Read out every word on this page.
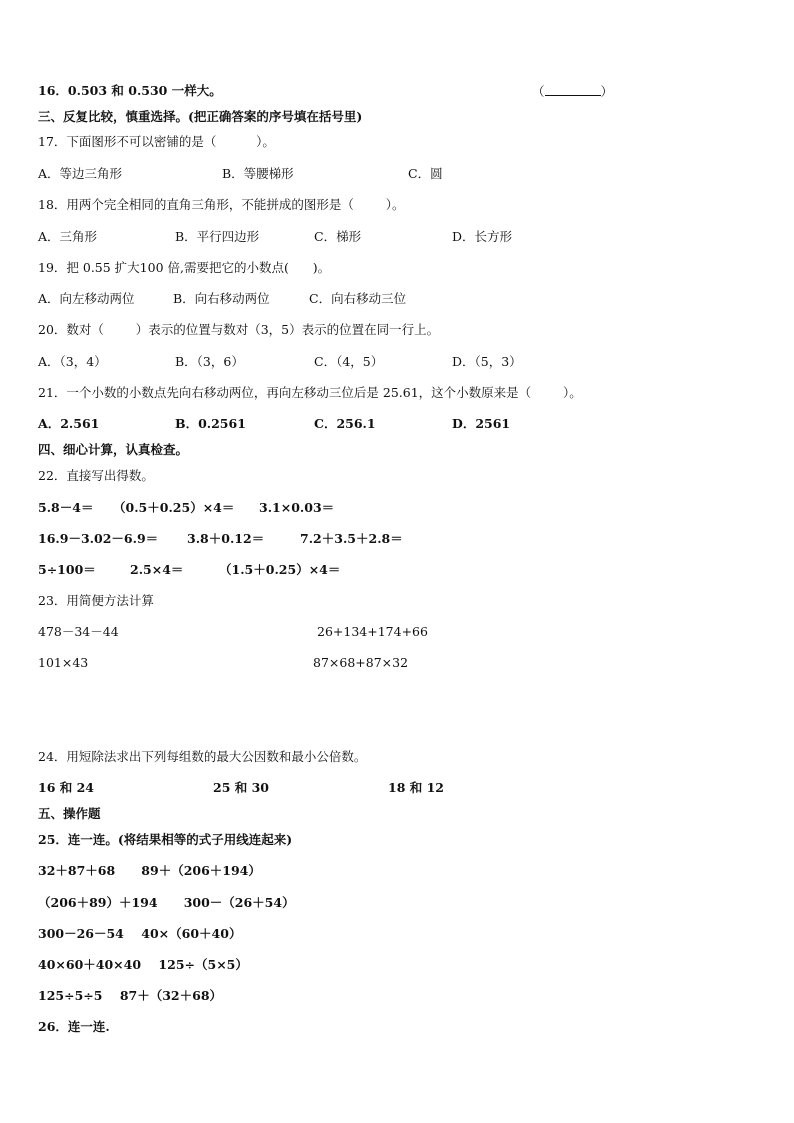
16．0.503 和 0.530 一样大。	（	）
三、反复比较，慎重选择。(把正确答案的序号填在括号里)
17．下面图形不可以密铺的是（          ）。
A．等边三角形	B．等腰梯形	C．圆
18．用两个完全相同的直角三角形，不能拼成的图形是（        ）。
A．三角形	B．平行四边形	C．梯形	D．长方形
19．把 0.55 扩大100 倍,需要把它的小数点(      )。
A．向左移动两位	B．向右移动两位	C．向右移动三位
20．数对（        ）表示的位置与数对（3，5）表示的位置在同一行上。
A．（3，4）	B．（3，6）	C．（4，5）	D．（5，3）
21．一个小数的小数点先向右移动两位，再向左移动三位后是 25.61，这个小数原来是（        ）。
A．2.561	B．0.2561	C．256.1	D．2561
四、细心计算，认真检查。
22．直接写出得数。
5.8－4＝ （0.5＋0.25）×4＝ 3.1×0.03＝
16.9－3.02－6.9＝ 3.8＋0.12＝	7.2＋3.5＋2.8＝
5÷100＝	2.5×4＝	（1.5＋0.25）×4＝
23．用简便方法计算
478－34－44	26+134+174+66
101×43	87×68+87×32
24．用短除法求出下列每组数的最大公因数和最小公倍数。
16 和 24	25 和 30	18 和 12
五、操作题
25．连一连。(将结果相等的式子用线连起来)
32＋87＋68      89＋（206＋194）
（206＋89）＋194      300－（26＋54）
300－26－54    40×（60＋40）
40×60＋40×40    125÷（5×5）
125÷5÷5    87＋（32＋68）
26．连一连.
